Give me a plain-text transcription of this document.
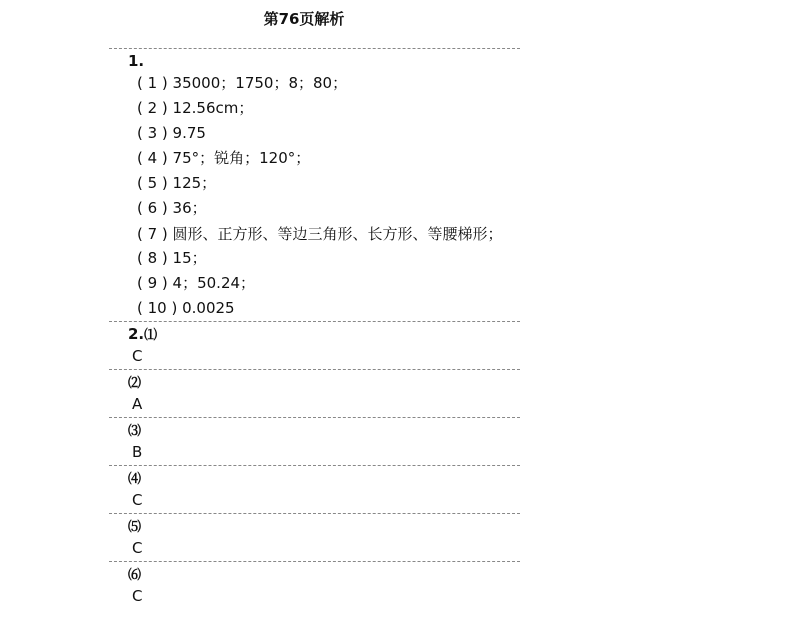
第76页解析
1.
( 1 ) 35000；1750；8；80；
( 2 ) 12.56cm；
( 3 ) 9.75
( 4 ) 75°；锐角；120°；
( 5 ) 125；
( 6 ) 36；
( 7 ) 圆形、正方形、等边三角形、长方形、等腰梯形；
( 8 ) 15；
( 9 ) 4；50.24；
( 10 ) 0.0025
2.⑴
C
⑵
A
⑶
B
⑷
C
⑸
C
⑹
C
